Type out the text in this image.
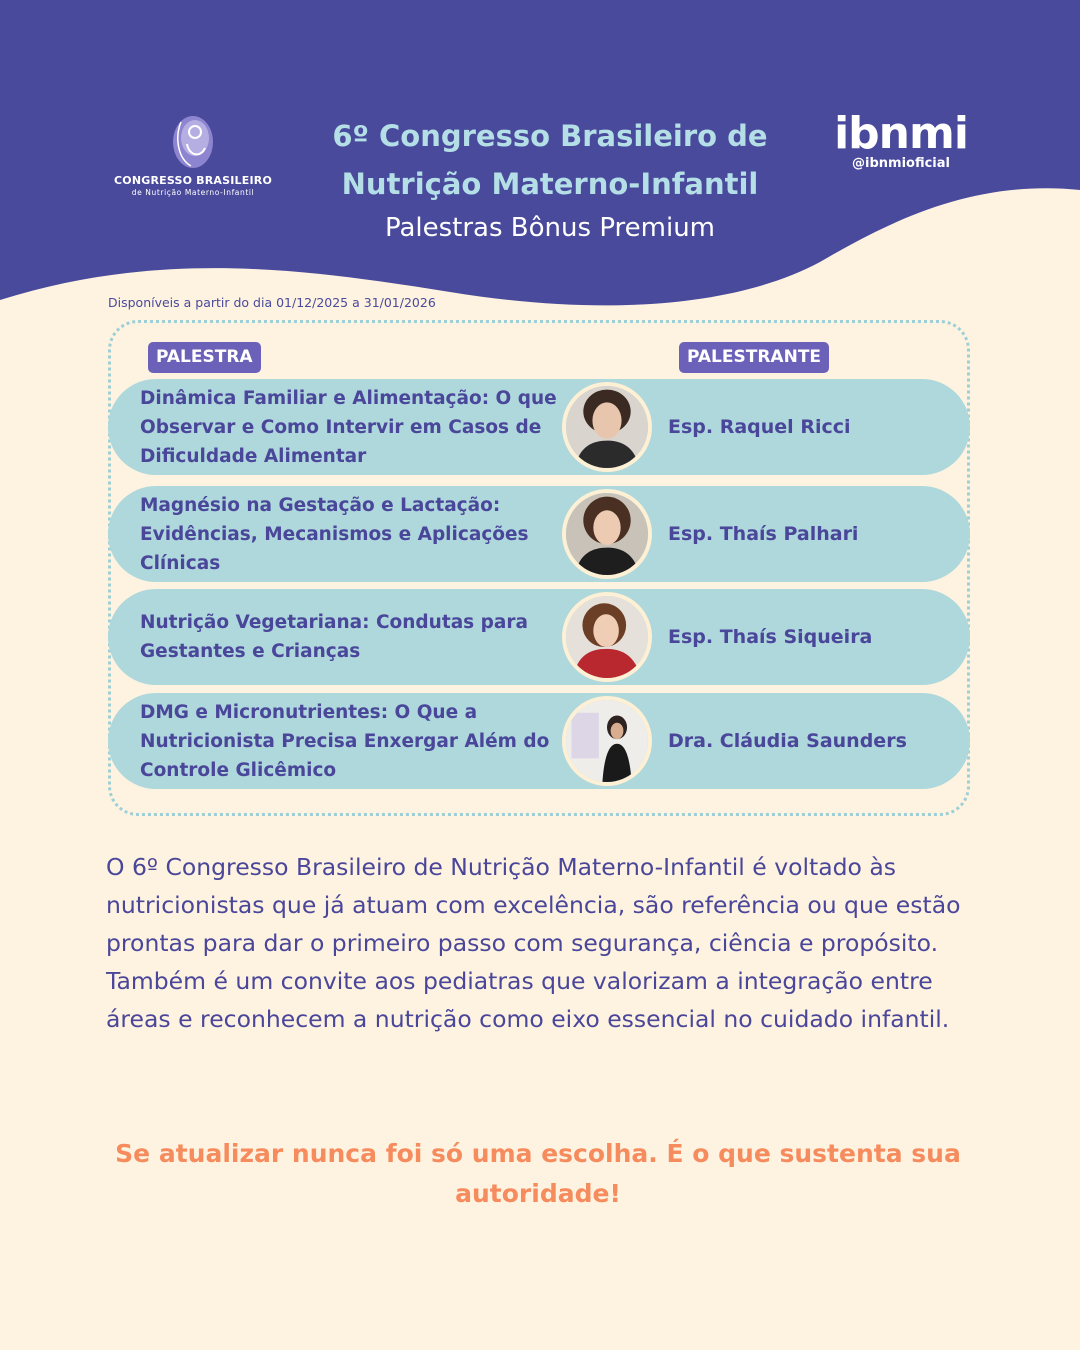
CONGRESSO BRASILEIRO
de Nutrição Materno-Infantil
6º Congresso Brasileiro de
Nutrição Materno-Infantil
Palestras Bônus Premium
ibnmi
@ibnmioficial
Disponíveis a partir do dia 01/12/2025 a 31/01/2026
PALESTRA	PALESTRANTE
Dinâmica Familiar e Alimentação: O que Observar e Como Intervir em Casos de Dificuldade Alimentar
Esp. Raquel Ricci
Magnésio na Gestação e Lactação: Evidências, Mecanismos e Aplicações Clínicas
Esp. Thaís Palhari
Nutrição Vegetariana: Condutas para Gestantes e Crianças
Esp. Thaís Siqueira
DMG e Micronutrientes: O Que a Nutricionista Precisa Enxergar Além do Controle Glicêmico
Dra. Cláudia Saunders
O 6º Congresso Brasileiro de Nutrição Materno-Infantil é voltado às nutricionistas que já atuam com excelência, são referência ou que estão prontas para dar o primeiro passo com segurança, ciência e propósito.
Também é um convite aos pediatras que valorizam a integração entre áreas e reconhecem a nutrição como eixo essencial no cuidado infantil.
Se atualizar nunca foi só uma escolha. É o que sustenta sua autoridade!
